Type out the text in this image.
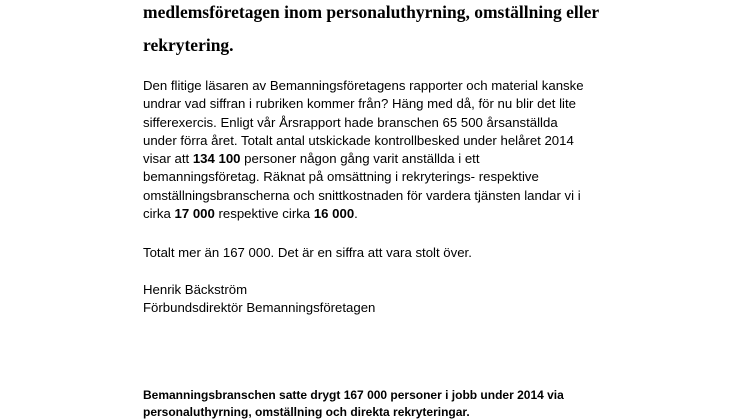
medlemsföretagen inom personaluthyrning, omställning eller
rekrytering.

Den flitige läsaren av Bemanningsföretagens rapporter och material kanske
undrar vad siffran i rubriken kommer från? Häng med då, för nu blir det lite
sifferexercis. Enligt vår Årsrapport hade branschen 65 500 årsanställda
under förra året. Totalt antal utskickade kontrollbesked under helåret 2014
visar att 134 100 personer någon gång varit anställda i ett
bemanningsföretag. Räknat på omsättning i rekryterings- respektive
omställningsbranscherna och snittkostnaden för vardera tjänsten landar vi i
cirka 17 000 respektive cirka 16 000.

Totalt mer än 167 000. Det är en siffra att vara stolt över.

Henrik Bäckström
Förbundsdirektör Bemanningsföretagen

Bemanningsbranschen satte drygt 167 000 personer i jobb under 2014 via
personaluthyrning, omställning och direkta rekryteringar.
